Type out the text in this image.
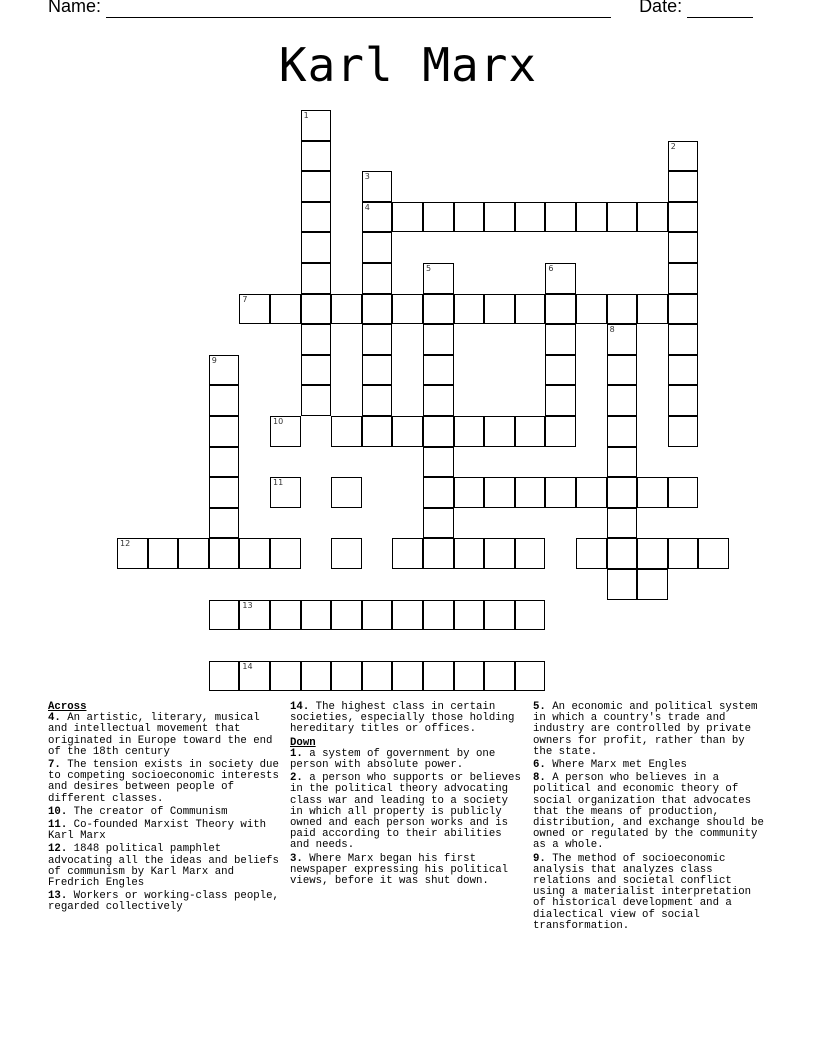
Name:	Date:
Karl Marx
1
3
4
2
5	6
7
8
9
10
11
12
13
14
Across
4. An artistic, literary, musical and intellectual movement that originated in Europe toward the end of the 18th century
7. The tension exists in society due to competing socioeconomic interests and desires between people of different classes.
10. The creator of Communism
11. Co-founded Marxist Theory with Karl Marx
12. 1848 political pamphlet advocating all the ideas and beliefs of communism by Karl Marx and Fredrich Engles
13. Workers or working-class people, regarded collectively
14. The highest class in certain societies, especially those holding hereditary titles or offices.
Down
1. a system of government by one person with absolute power.
2. a person who supports or believes in the political theory advocating class war and leading to a society in which all property is publicly owned and each person works and is paid according to their abilities and needs.
3. Where Marx began his first newspaper expressing his political views, before it was shut down.
5. An economic and political system in which a country's trade and industry are controlled by private owners for profit, rather than by the state.
6. Where Marx met Engles
8. A person who believes in a political and economic theory of social organization that advocates that the means of production, distribution, and exchange should be owned or regulated by the community as a whole.
9. The method of socioeconomic analysis that analyzes class relations and societal conflict using a materialist interpretation of historical development and a dialectical view of social transformation.
